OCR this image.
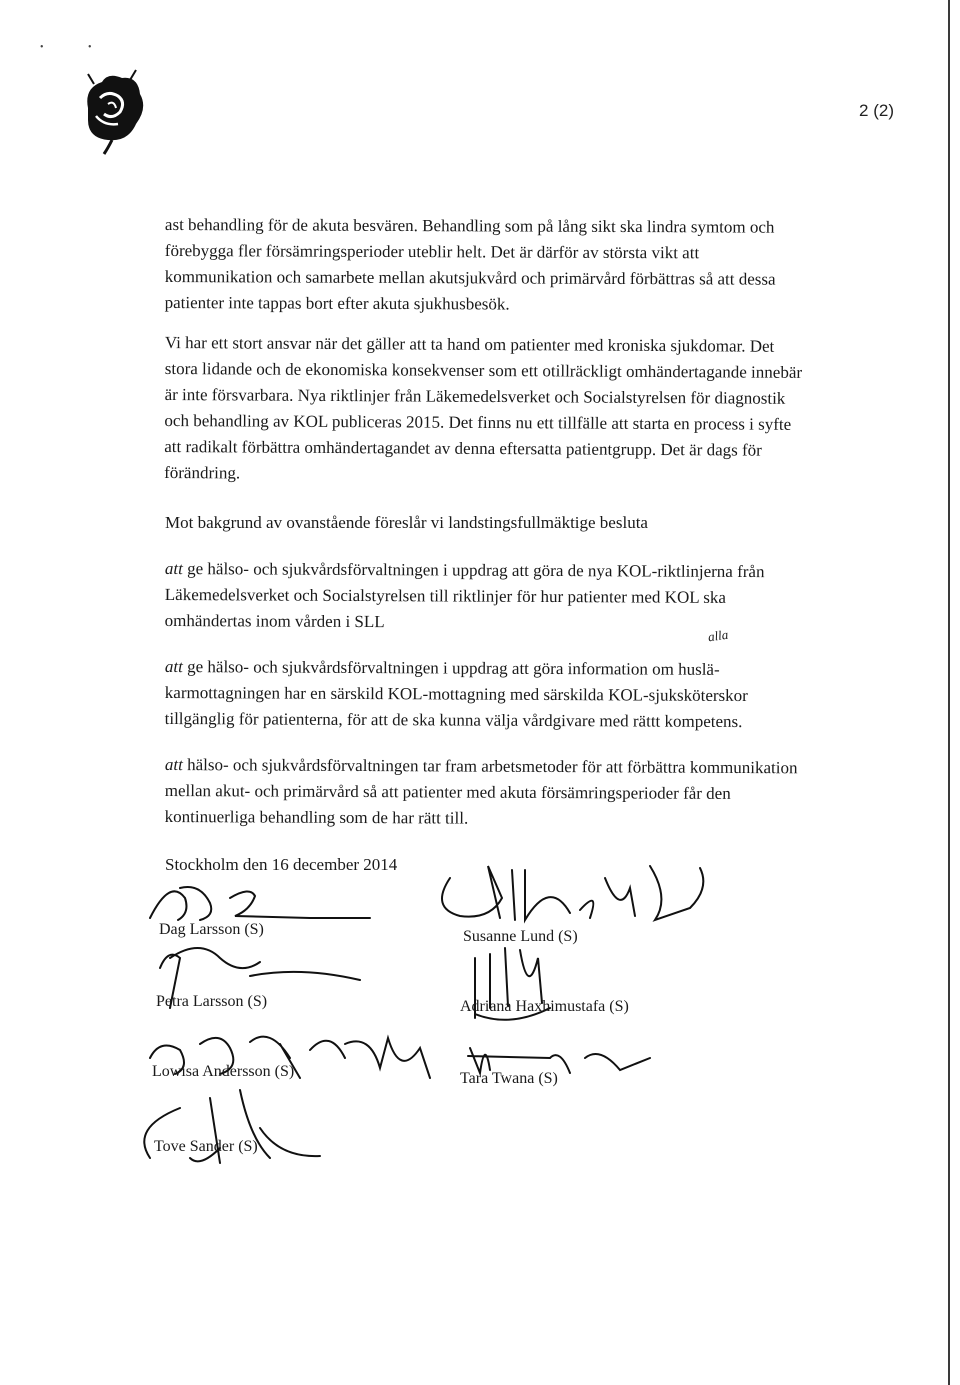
2 (2)
•	•

ast behandling för de akuta besvären. Behandling som på lång sikt ska lindra symtom och förebygga fler försämringsperioder uteblir helt. Det är därför av största vikt att kommunikation och samarbete mellan akutsjukvård och primärvård förbättras så att dessa patienter inte tappas bort efter akuta sjukhusbesök.

Vi har ett stort ansvar när det gäller att ta hand om patienter med kroniska sjukdomar. Det stora lidande och de ekonomiska konsekvenser som ett otillräckligt omhändertagande innebär är inte försvarbara. Nya riktlinjer från Läkemedelsverket och Socialstyrelsen för diagnostik och behandling av KOL publiceras 2015. Det finns nu ett tillfälle att starta en process i syfte att radikalt förbättra omhändertagandet av denna eftersatta patientgrupp. Det är dags för förändring.

Mot bakgrund av ovanstående föreslår vi landstingsfullmäktige besluta

att ge hälso- och sjukvårdsförvaltningen i uppdrag att göra de nya KOL-riktlinjerna från Läkemedelsverket och Socialstyrelsen till riktlinjer för hur patienter med KOL ska omhändertas inom vården i SLL

att ge hälso- och sjukvårdsförvaltningen i uppdrag att göra information om huslä-karmottagningen har en särskild KOL-mottagning med särskilda KOL-sjuksköterskor tillgänglig för patienterna, för att de ska kunna välja vårdgivare med rättt kompetens.

att hälso- och sjukvårdsförvaltningen tar fram arbetsmetoder för att förbättra kommunikation mellan akut- och primärvård så att patienter med akuta försämringsperioder får den kontinuerliga behandling som de har rätt till.

Stockholm den 16 december 2014

alla
Dag Larsson (S)	Susanne Lund (S)
Petra Larsson (S)	Adriana Haxhimustafa (S)
Lowisa Andersson (S)	Tara Twana (S)
Tove Sander (S)
